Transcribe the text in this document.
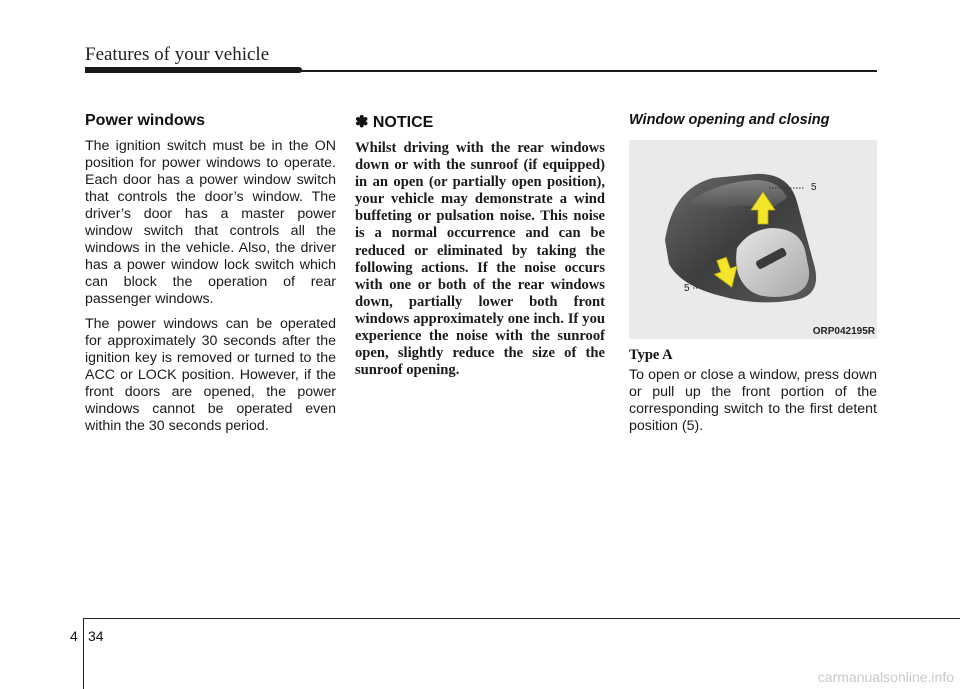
Features of your vehicle
Power windows

The ignition switch must be in the ON position for power windows to operate. Each door has a power window switch that controls the door’s window. The driver’s door has a master power window switch that controls all the windows in the vehicle. Also, the driver has a power window lock switch which can block the operation of rear passenger windows.

The power windows can be operated for approximately 30 seconds after the ignition key is removed or turned to the ACC or LOCK position. However, if the front doors are opened, the power windows cannot be operated even within the 30 seconds period.

✽ NOTICE

Whilst driving with the rear windows down or with the sunroof (if equipped) in an open (or partially open position), your vehicle may demonstrate a wind buffeting or pulsation noise. This noise is a normal occurrence and can be reduced or eliminated by taking the following actions. If the noise occurs with one or both of the rear windows down, partially lower both front windows approximately one inch. If you experience the noise with the sunroof open, slightly reduce the size of the sunroof opening.

Window opening and closing
5
5
ORP042195R
Type A

To open or close a window, press down or pull up the front portion of the corresponding switch to the first detent position (5).

4 34
carmanualsonline.info
